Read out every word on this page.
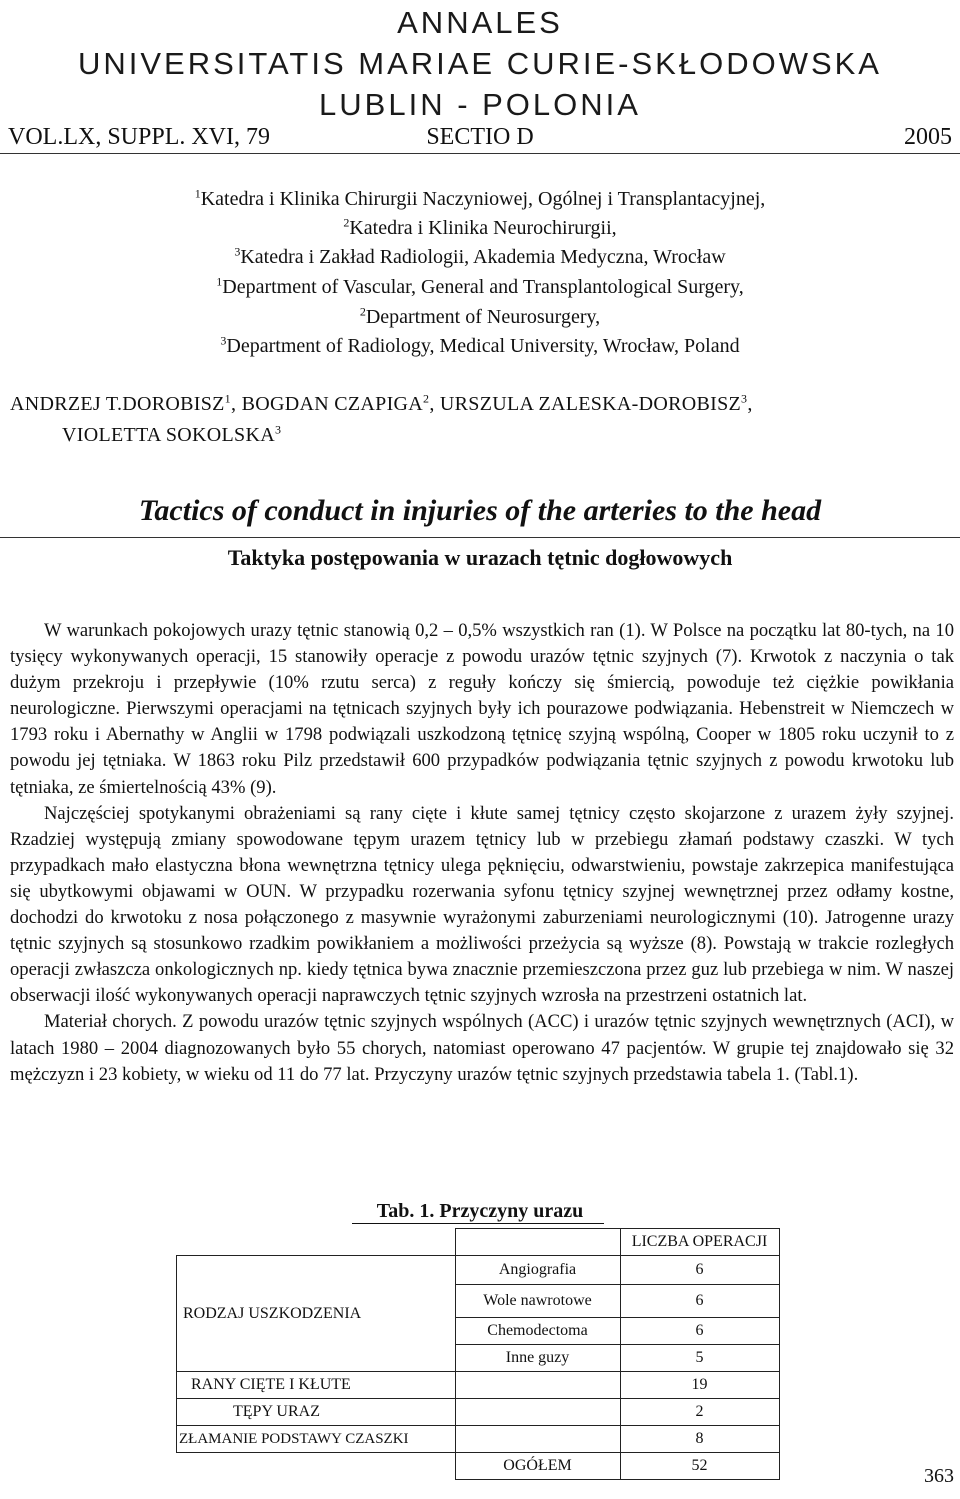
ANNALES
UNIVERSITATIS MARIAE CURIE-SKŁODOWSKA
LUBLIN - POLONIA
VOL.LX, SUPPL. XVI, 79	SECTIO D	2005
$^1$Katedra i Klinika Chirurgii Naczyniowej, Ogólnej i Transplantacyjnej,
$^2$Katedra i Klinika Neurochirurgii,
$^3$Katedra i Zakład Radiologii, Akademia Medyczna, Wrocław
$^1$Department of Vascular, General and Transplantological Surgery,
$^2$Department of Neurosurgery,
$^3$Department of Radiology, Medical University, Wrocław, Poland
ANDRZEJ T.DOROBISZ$^1$, BOGDAN CZAPIGA$^2$, URSZULA ZALESKA-DOROBISZ$^3$,
VIOLETTA SOKOLSKA$^3$
Tactics of conduct in injuries of the arteries to the head
Taktyka postępowania w urazach tętnic dogłowowych

W warunkach pokojowych urazy tętnic stanowią 0,2 – 0,5% wszystkich ran (1). W Polsce na początku lat 80-tych, na 10 tysięcy wykonywanych operacji, 15 stanowiły operacje z powodu urazów tętnic szyjnych (7). Krwotok z naczynia o tak dużym przekroju i przepływie (10% rzutu serca) z reguły kończy się śmiercią, powoduje też ciężkie powikłania neurologiczne. Pierwszymi operacjami na tętnicach szyjnych były ich pourazowe podwiązania. Hebenstreit w Niemczech w 1793 roku i Abernathy w Anglii w 1798 podwiązali uszkodzoną tętnicę szyjną wspólną, Cooper w 1805 roku uczynił to z powodu jej tętniaka. W 1863 roku Pilz przedstawił 600 przypadków podwiązania tętnic szyjnych z powodu krwotoku lub tętniaka, ze śmiertelnością 43% (9).

Najczęściej spotykanymi obrażeniami są rany cięte i kłute samej tętnicy często skojarzone z urazem żyły szyjnej. Rzadziej występują zmiany spowodowane tępym urazem tętnicy lub w przebiegu złamań podstawy czaszki. W tych przypadkach mało elastyczna błona wewnętrzna tętnicy ulega pęknięciu, odwarstwieniu, powstaje zakrzepica manifestująca się ubytkowymi objawami w OUN. W przypadku rozerwania syfonu tętnicy szyjnej wewnętrznej przez odłamy kostne, dochodzi do krwotoku z nosa połączonego z masywnie wyrażonymi zaburzeniami neurologicznymi (10). Jatrogenne urazy tętnic szyjnych są stosunkowo rzadkim powikłaniem a możliwości przeżycia są wyższe (8). Powstają w trakcie rozległych operacji zwłaszcza onkologicznych np. kiedy tętnica bywa znacznie przemieszczona przez guz lub przebiega w nim. W naszej obserwacji ilość wykonywanych operacji naprawczych tętnic szyjnych wzrosła na przestrzeni ostatnich lat.

Materiał chorych. Z powodu urazów tętnic szyjnych wspólnych (ACC) i urazów tętnic szyjnych wewnętrznych (ACI), w latach 1980 – 2004 diagnozowanych było 55 chorych, natomiast operowano 47 pacjentów. W grupie tej znajdowało się 32 mężczyzn i 23 kobiety, w wieku od 11 do 77 lat. Przyczyny urazów tętnic szyjnych przedstawia tabela 1. (Tabl.1).

Tab. 1. Przyczyny urazu
		LICZBA OPERACJI
RODZAJ USZKODZENIA	Angiografia	6
	Wole nawrotowe	6
	Chemodectoma	6
	Inne guzy	5
RANY CIĘTE I KŁUTE		19
TĘPY URAZ		2
ZŁAMANIE PODSTAWY CZASZKI		8
	OGÓŁEM	52	363
